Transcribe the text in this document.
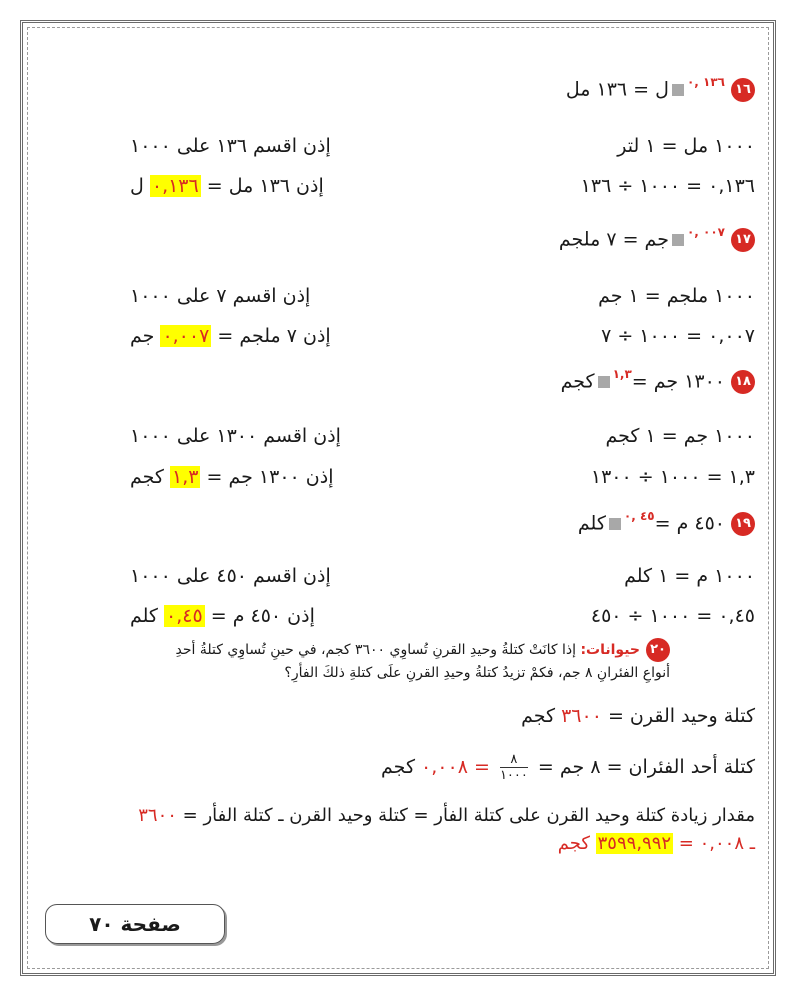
$١٦^{١٣٦ ,٠}ل$ = ١٣٦ مل
١٠٠٠ مل = ١ لتر
إذن اقسم ١٣٦ على ١٠٠٠
٠,١٣٦ = ١٠٠٠ ÷ ١٣٦
إذن ١٣٦ مل = ٠,١٣٦ ل
$١٧^{٠٠٧ ,٠}جم$ = ٧ ملجم
١٠٠٠ ملجم = ١ جم
إذن اقسم ٧ على ١٠٠٠
٠,٠٠٧ = ١٠٠٠ ÷ ٧
إذن ٧ ملجم = ٠,٠٠٧ جم
١٨١٣٠٠ جم =$^{١,٣}$كجم
١٠٠٠ جم = ١ كجم
إذن اقسم ١٣٠٠ على ١٠٠٠
١,٣ = ١٠٠٠ ÷ ١٣٠٠
إذن ١٣٠٠ جم = ١,٣ كجم
١٩٤٥٠ م =$^{٤٥ ,٠}$كلم
١٠٠٠ م = ١ كلم
إذن اقسم ٤٥٠ على ١٠٠٠
٠,٤٥ = ١٠٠٠ ÷ ٤٥٠
إذن ٤٥٠ م = ٠,٤٥ كلم
٢٠حيوانات: إذا كانَتْ كتلةُ وحيدِ القرنِ تُساوِي ٣٦٠٠ كجم، في حينِ تُساوِي كتلةُ أحدِ
أنواعِ الفئرانِ ٨ جم، فكمْ تزيدُ كتلةُ وحيدِ القرنِ علَى كتلةِ ذلكَ الفأرِ؟
كتلة وحيد القرن = ٣٦٠٠ كجم
كتلة أحد الفئران = ٨ جم =
$\frac{٨}{١٠٠٠}$ = ٠,٠٠٨ كجم
مقدار زيادة كتلة وحيد القرن على كتلة الفأر = كتلة وحيد القرن ـ كتلة الفأر = ٣٦٠٠
ـ ٠,٠٠٨ = ٣٥٩٩,٩٩٢ كجم
صفحة ٧٠
